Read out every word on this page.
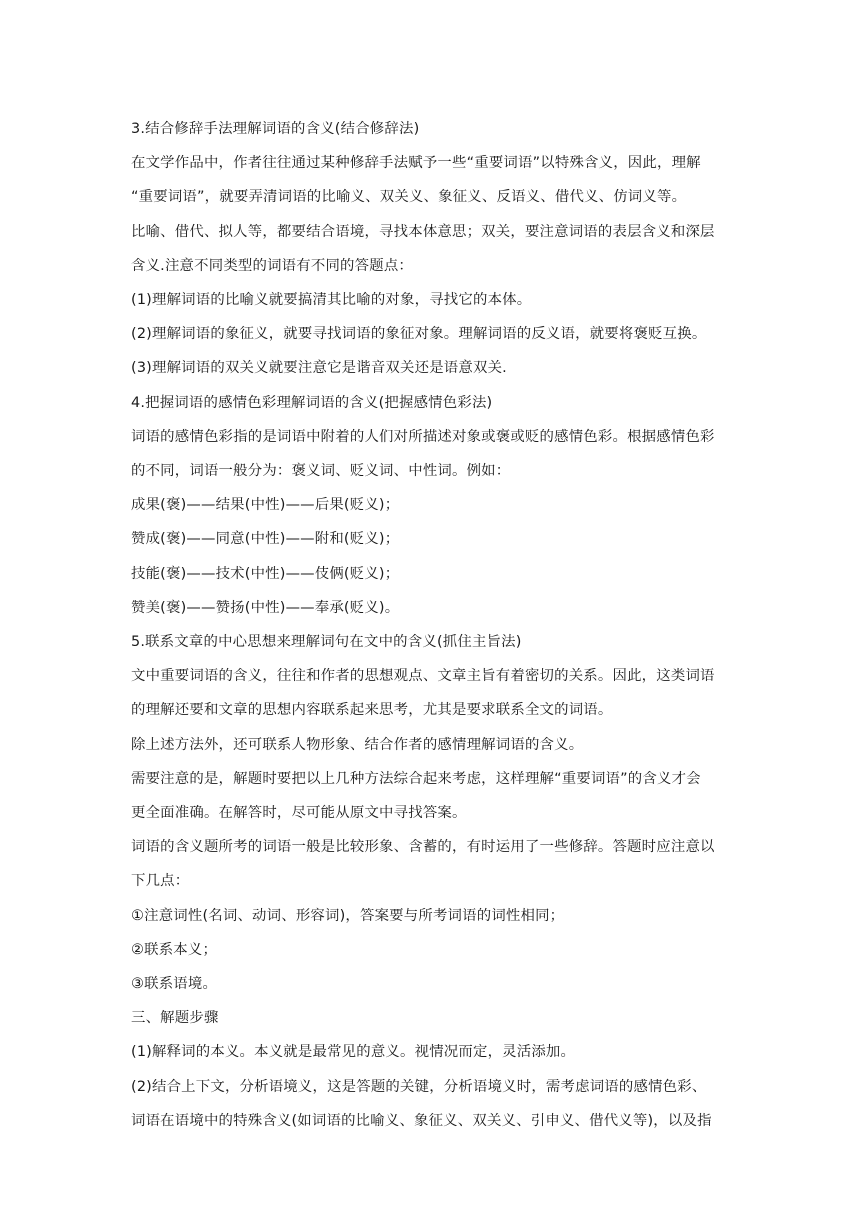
3.结合修辞手法理解词语的含义(结合修辞法)
在文学作品中，作者往往通过某种修辞手法赋予一些“重要词语”以特殊含义，因此，理解
“重要词语”，就要弄清词语的比喻义、双关义、象征义、反语义、借代义、仿词义等。
比喻、借代、拟人等，都要结合语境，寻找本体意思；双关，要注意词语的表层含义和深层
含义.注意不同类型的词语有不同的答题点：
(1)理解词语的比喻义就要搞清其比喻的对象，寻找它的本体。
(2)理解词语的象征义，就要寻找词语的象征对象。理解词语的反义语，就要将褒贬互换。
(3)理解词语的双关义就要注意它是谐音双关还是语意双关.
4.把握词语的感情色彩理解词语的含义(把握感情色彩法)
词语的感情色彩指的是词语中附着的人们对所描述对象或褒或贬的感情色彩。根据感情色彩
的不同，词语一般分为：褒义词、贬义词、中性词。例如：
成果(褒)——结果(中性)——后果(贬义)；
赞成(褒)——同意(中性)——附和(贬义)；
技能(褒)——技术(中性)——伎俩(贬义)；
赞美(褒)——赞扬(中性)——奉承(贬义)。
5.联系文章的中心思想来理解词句在文中的含义(抓住主旨法)
文中重要词语的含义，往往和作者的思想观点、文章主旨有着密切的关系。因此，这类词语
的理解还要和文章的思想内容联系起来思考，尤其是要求联系全文的词语。
除上述方法外，还可联系人物形象、结合作者的感情理解词语的含义。
需要注意的是，解题时要把以上几种方法综合起来考虑，这样理解“重要词语”的含义才会
更全面准确。在解答时，尽可能从原文中寻找答案。
词语的含义题所考的词语一般是比较形象、含蓄的，有时运用了一些修辞。答题时应注意以
下几点：
①注意词性(名词、动词、形容词)，答案要与所考词语的词性相同；
②联系本义；
③联系语境。
三、解题步骤
(1)解释词的本义。本义就是最常见的意义。视情况而定，灵活添加。
(2)结合上下文，分析语境义，这是答题的关键，分析语境义时，需考虑词语的感情色彩、
词语在语境中的特殊含义(如词语的比喻义、象征义、双关义、引申义、借代义等)，以及指
